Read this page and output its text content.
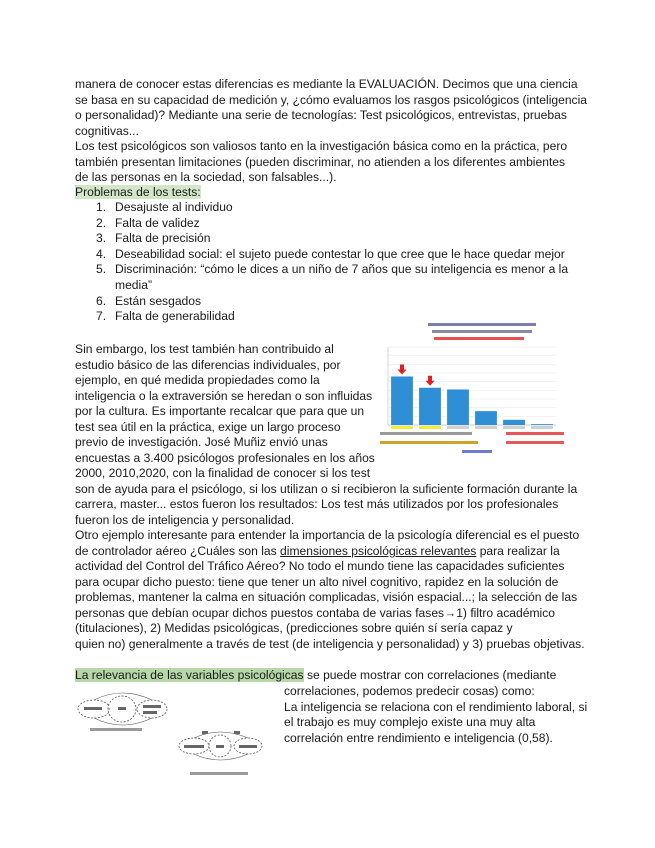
manera de conocer estas diferencias es mediante la EVALUACIÓN. Decimos que una ciencia

se basa en su capacidad de medición y, ¿cómo evaluamos los rasgos psicológicos (inteligencia

o personalidad)? Mediante una serie de tecnologías: Test psicológicos, entrevistas, pruebas

cognitivas...

Los test psicológicos son valiosos tanto en la investigación básica como en la práctica, pero

también presentan limitaciones (pueden discriminar, no atienden a los diferentes ambientes

de las personas en la sociedad, son falsables...).

Problemas de los tests:

1. Desajuste al individuo
2. Falta de validez
3. Falta de precisión
4. Deseabilidad social: el sujeto puede contestar lo que cree que le hace quedar mejor
5. Discriminación: “cómo le dices a un niño de 7 años que su inteligencia es menor a la
media”
6. Están sesgados
7. Falta de generabilidad

Sin embargo, los test también han contribuido al

estudio básico de las diferencias individuales, por

ejemplo, en qué medida propiedades como la

inteligencia o la extraversión se heredan o son influidas

por la cultura. Es importante recalcar que para que un

test sea útil en la práctica, exige un largo proceso

previo de investigación. José Muñiz envió unas

encuestas a 3.400 psicólogos profesionales en los años

2000, 2010,2020, con la finalidad de conocer si los test

son de ayuda para el psicólogo, si los utilizan o si recibieron la suficiente formación durante la

carrera, master... estos fueron los resultados: Los test más utilizados por los profesionales

fueron los de inteligencia y personalidad.

Otro ejemplo interesante para entender la importancia de la psicología diferencial es el puesto

de controlador aéreo ¿Cuáles son las dimensiones psicológicas relevantes para realizar la

actividad del Control del Tráfico Aéreo? No todo el mundo tiene las capacidades suficientes

para ocupar dicho puesto: tiene que tener un alto nivel cognitivo, rapidez en la solución de

problemas, mantener la calma en situación complicadas, visión espacial...; la selección de las

personas que debían ocupar dichos puestos contaba de varias fases→1) filtro académico

(titulaciones), 2) Medidas psicológicas, (predicciones sobre quién sí sería capaz y

quien no) generalmente a través de test (de inteligencia y personalidad) y 3) pruebas objetivas.

La relevancia de las variables psicológicas se puede mostrar con correlaciones (mediante

correlaciones, podemos predecir cosas) como:

La inteligencia se relaciona con el rendimiento laboral, si

el trabajo es muy complejo existe una muy alta

correlación entre rendimiento e inteligencia (0,58).
